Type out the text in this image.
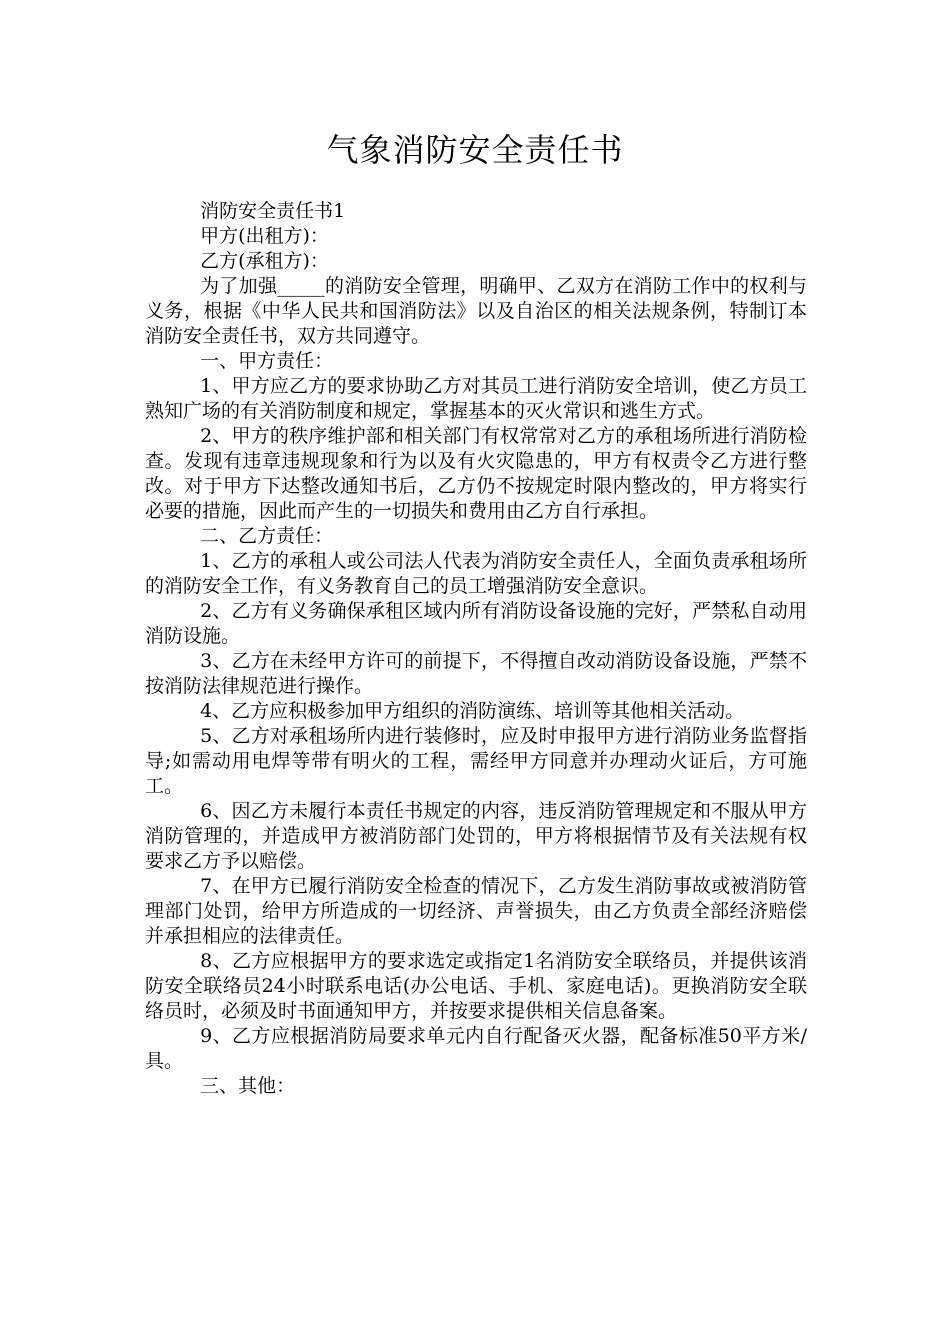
气象消防安全责任书

消防安全责任书1

甲方(出租方)：

乙方(承租方)：

为了加强_____的消防安全管理，明确甲、乙双方在消防工作中的权利与义务，根据《中华人民共和国消防法》以及自治区的相关法规条例，特制订本消防安全责任书，双方共同遵守。

一、甲方责任：

1、甲方应乙方的要求协助乙方对其员工进行消防安全培训，使乙方员工熟知广场的有关消防制度和规定，掌握基本的灭火常识和逃生方式。

2、甲方的秩序维护部和相关部门有权常常对乙方的承租场所进行消防检查。发现有违章违规现象和行为以及有火灾隐患的，甲方有权责令乙方进行整改。对于甲方下达整改通知书后，乙方仍不按规定时限内整改的，甲方将实行必要的措施，因此而产生的一切损失和费用由乙方自行承担。

二、乙方责任：

1、乙方的承租人或公司法人代表为消防安全责任人，全面负责承租场所的消防安全工作，有义务教育自己的员工增强消防安全意识。

2、乙方有义务确保承租区域内所有消防设备设施的完好，严禁私自动用消防设施。

3、乙方在未经甲方许可的前提下，不得擅自改动消防设备设施，严禁不按消防法律规范进行操作。

4、乙方应积极参加甲方组织的消防演练、培训等其他相关活动。

5、乙方对承租场所内进行装修时，应及时申报甲方进行消防业务监督指导;如需动用电焊等带有明火的工程，需经甲方同意并办理动火证后，方可施工。

6、因乙方未履行本责任书规定的内容，违反消防管理规定和不服从甲方消防管理的，并造成甲方被消防部门处罚的，甲方将根据情节及有关法规有权要求乙方予以赔偿。

7、在甲方已履行消防安全检查的情况下，乙方发生消防事故或被消防管理部门处罚，给甲方所造成的一切经济、声誉损失，由乙方负责全部经济赔偿并承担相应的法律责任。

8、乙方应根据甲方的要求选定或指定1名消防安全联络员，并提供该消防安全联络员24小时联系电话(办公电话、手机、家庭电话)。更换消防安全联络员时，必须及时书面通知甲方，并按要求提供相关信息备案。

9、乙方应根据消防局要求单元内自行配备灭火器，配备标准50平方米/具。

三、其他：
